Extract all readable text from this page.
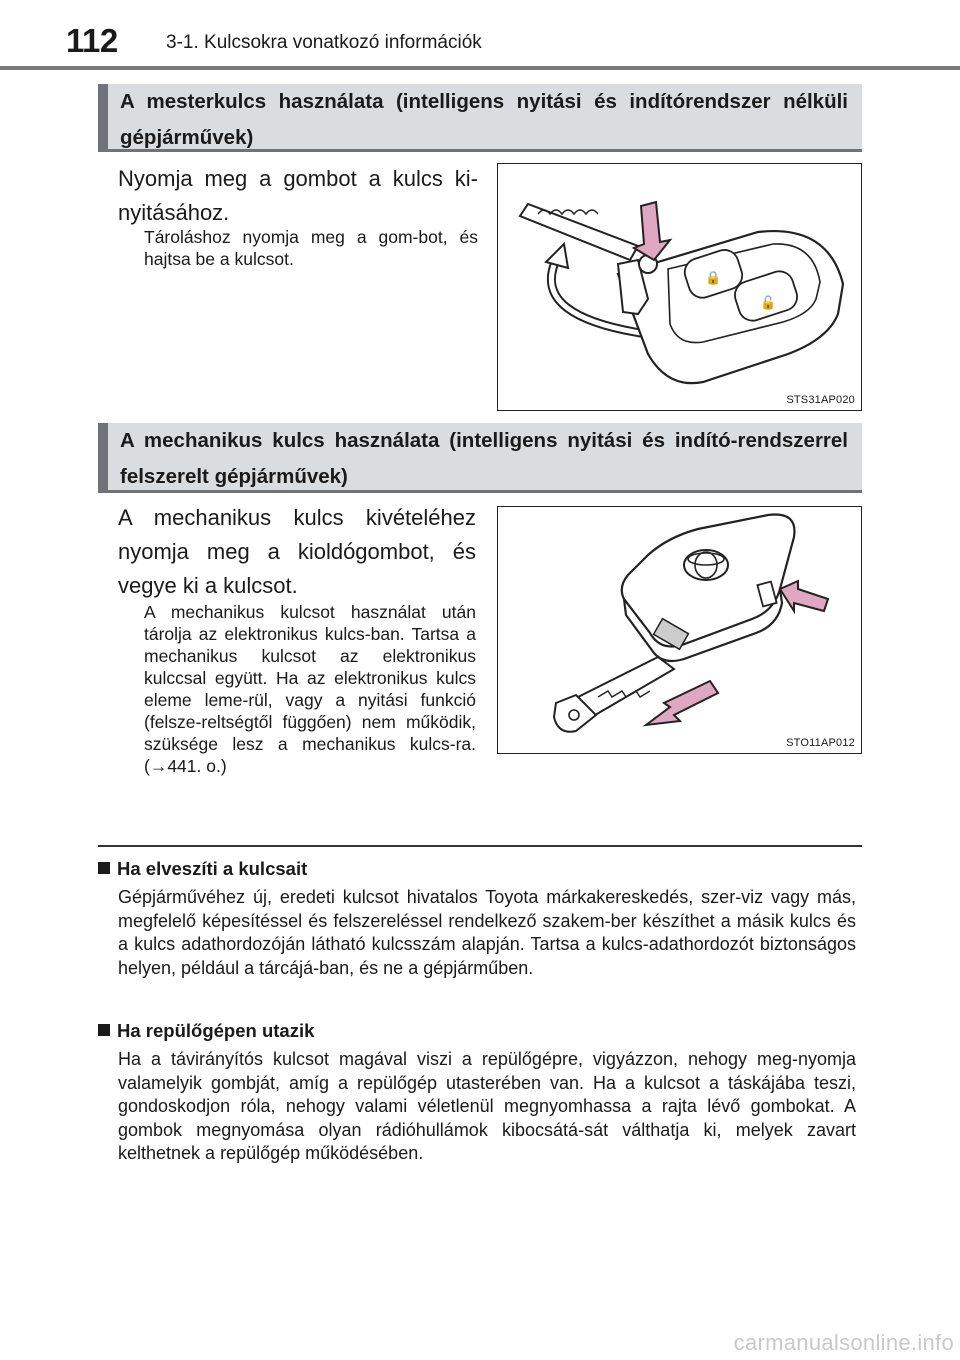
112	3-1. Kulcsokra vonatkozó információk
A mesterkulcs használata (intelligens nyitási és indítórendszer nélküli gépjárművek)
Nyomja meg a gombot a kulcs ki-nyitásához.

Tároláshoz nyomja meg a gom-bot, és hajtsa be a kulcsot.

🔒
🔓
STS31AP020
A mechanikus kulcs használata (intelligens nyitási és indító-rendszerrel felszerelt gépjárművek)
A mechanikus kulcs kivételéhez nyomja meg a kioldógombot, és vegye ki a kulcsot.

A mechanikus kulcsot használat után tárolja az elektronikus kulcs-ban. Tartsa a mechanikus kulcsot az elektronikus kulccsal együtt. Ha az elektronikus kulcs eleme leme-rül, vagy a nyitási funkció (felsze-reltségtől függően) nem működik, szüksége lesz a mechanikus kulcs-ra. (→441. o.)

STO11AP012
Ha elveszíti a kulcsait

Gépjárművéhez új, eredeti kulcsot hivatalos Toyota márkakereskedés, szer-viz vagy más, megfelelő képesítéssel és felszereléssel rendelkező szakem-ber készíthet a másik kulcs és a kulcs adathordozóján látható kulcsszám alapján. Tartsa a kulcs-adathordozót biztonságos helyen, például a tárcájá-ban, és ne a gépjárműben.

Ha repülőgépen utazik

Ha a távirányítós kulcsot magával viszi a repülőgépre, vigyázzon, nehogy meg-nyomja valamelyik gombját, amíg a repülőgép utasterében van. Ha a kulcsot a táskájába teszi, gondoskodjon róla, nehogy valami véletlenül megnyomhassa a rajta lévő gombokat. A gombok megnyomása olyan rádióhullámok kibocsátá-sát válthatja ki, melyek zavart kelthetnek a repülőgép működésében.

carmanualsonline.info
